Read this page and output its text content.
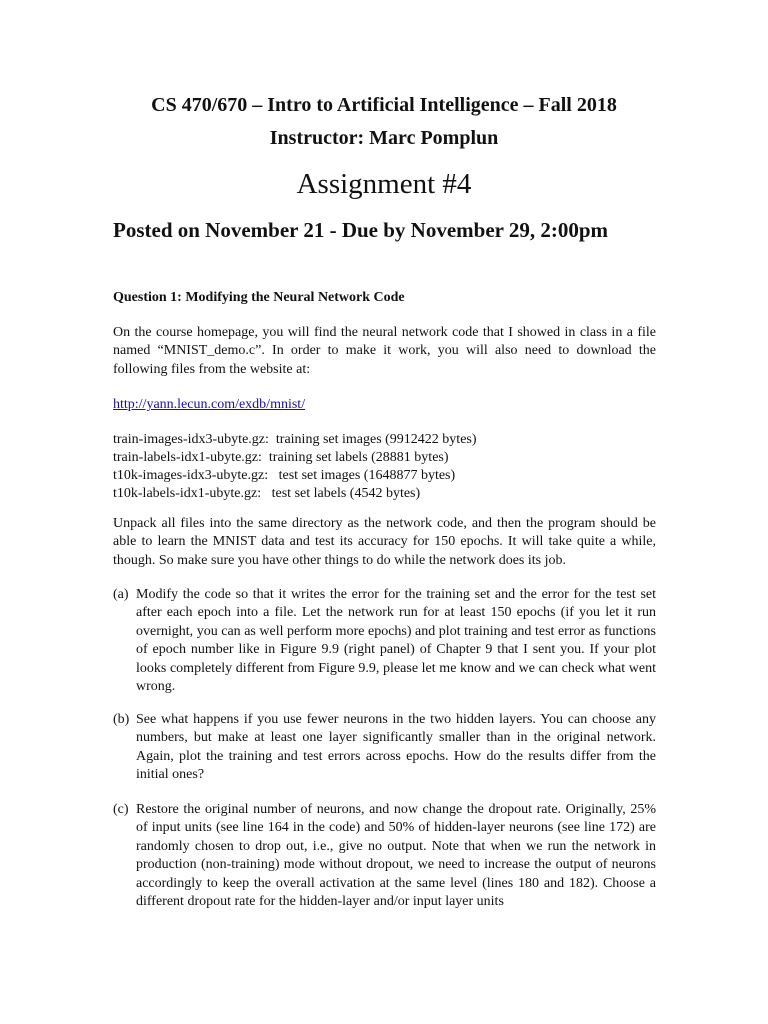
CS 470/670 – Intro to Artificial Intelligence – Fall 2018
Instructor: Marc Pomplun
Assignment #4
Posted on November 21 - Due by November 29, 2:00pm
Question 1: Modifying the Neural Network Code
On the course homepage, you will find the neural network code that I showed in class in a file named “MNIST_demo.c”. In order to make it work, you will also need to download the following files from the website at:
http://yann.lecun.com/exdb/mnist/
train-images-idx3-ubyte.gz:  training set images (9912422 bytes)
train-labels-idx1-ubyte.gz:  training set labels (28881 bytes)
t10k-images-idx3-ubyte.gz:   test set images (1648877 bytes)
t10k-labels-idx1-ubyte.gz:   test set labels (4542 bytes)
Unpack all files into the same directory as the network code, and then the program should be able to learn the MNIST data and test its accuracy for 150 epochs. It will take quite a while, though. So make sure you have other things to do while the network does its job.
(a) Modify the code so that it writes the error for the training set and the error for the test set after each epoch into a file. Let the network run for at least 150 epochs (if you let it run overnight, you can as well perform more epochs) and plot training and test error as functions of epoch number like in Figure 9.9 (right panel) of Chapter 9 that I sent you. If your plot looks completely different from Figure 9.9, please let me know and we can check what went wrong.
(b) See what happens if you use fewer neurons in the two hidden layers. You can choose any numbers, but make at least one layer significantly smaller than in the original network. Again, plot the training and test errors across epochs. How do the results differ from the initial ones?
(c) Restore the original number of neurons, and now change the dropout rate. Originally, 25% of input units (see line 164 in the code) and 50% of hidden-layer neurons (see line 172) are randomly chosen to drop out, i.e., give no output. Note that when we run the network in production (non-training) mode without dropout, we need to increase the output of neurons accordingly to keep the overall activation at the same level (lines 180 and 182). Choose a different dropout rate for the hidden-layer and/or input layer units
